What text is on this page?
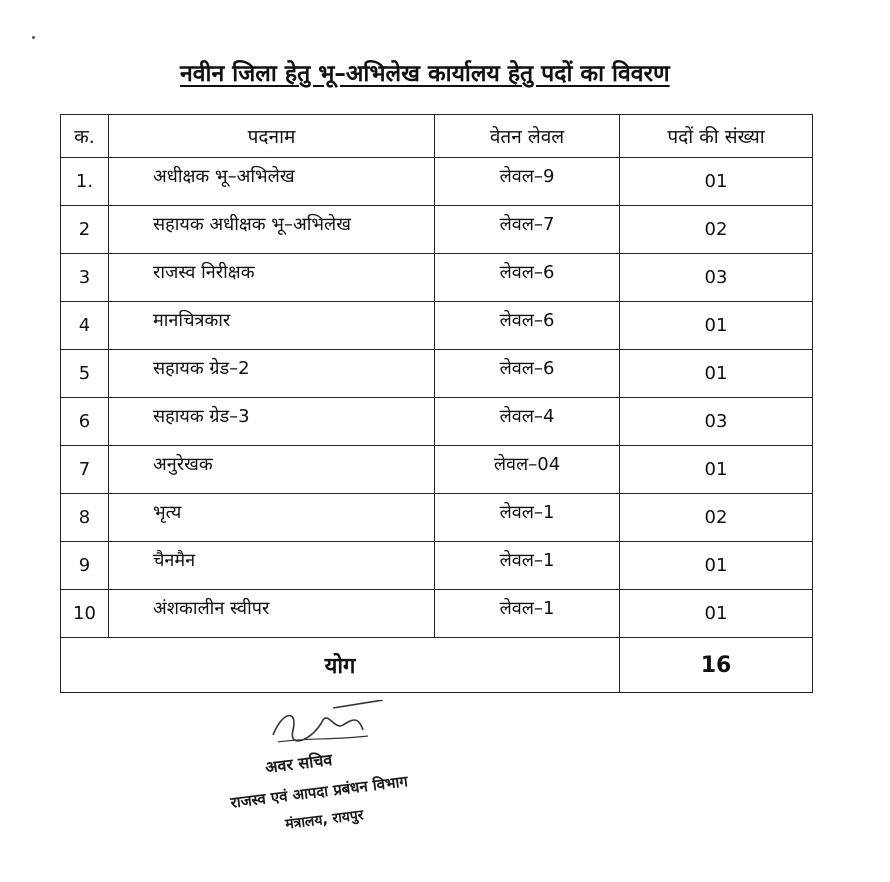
नवीन जिला हेतु भू–अभिलेख कार्यालय हेतु पदों का विवरण
क.	पदनाम	वेतन लेवल	पदों की संख्या
1.	अधीक्षक भू–अभिलेख	लेवल–9	01
2	सहायक अधीक्षक भू–अभिलेख	लेवल–7	02
3	राजस्व निरीक्षक	लेवल–6	03
4	मानचित्रकार	लेवल–6	01
5	सहायक ग्रेड–2	लेवल–6	01
6	सहायक ग्रेड–3	लेवल–4	03
7	अनुरेखक	लेवल–04	01
8	भृत्य	लेवल–1	02
9	चैनमैन	लेवल–1	01
10	अंशकालीन स्वीपर	लेवल–1	01
योग			16
अवर सचिव
राजस्व एवं आपदा प्रबंधन विभाग
मंत्रालय, रायपुर
